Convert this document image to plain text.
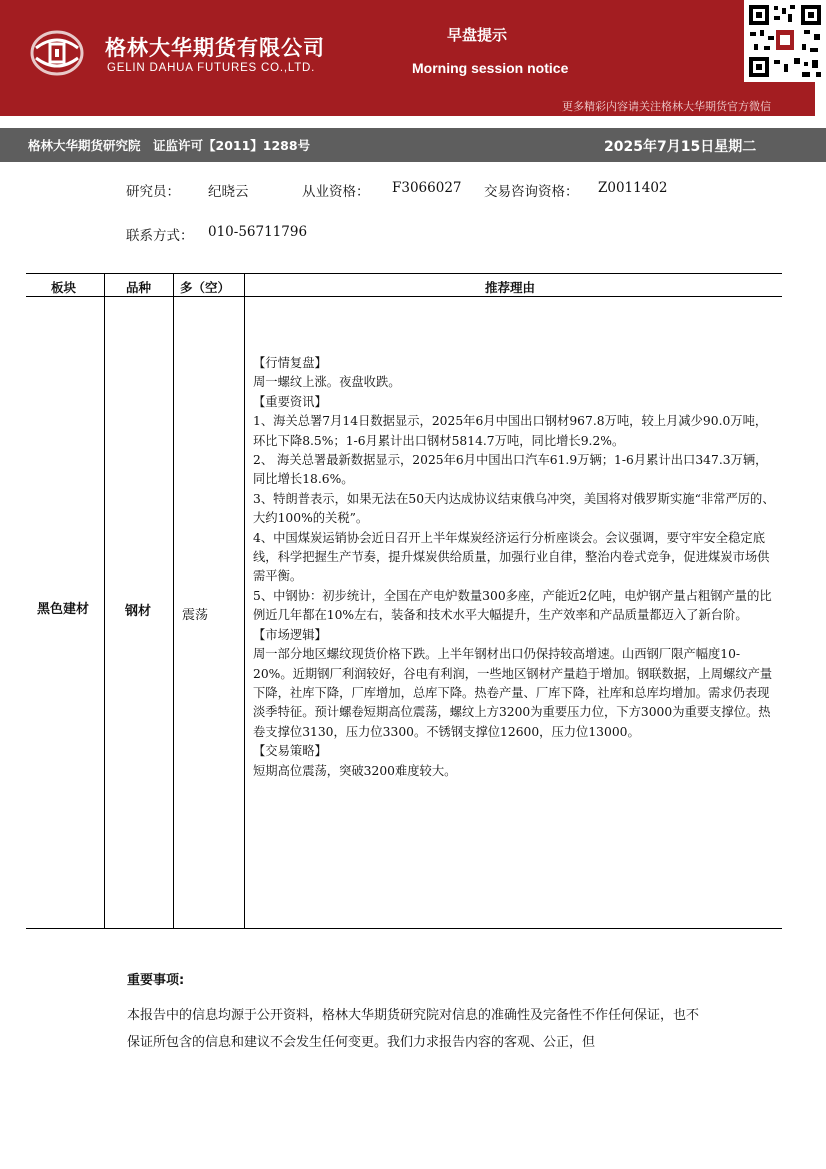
格林大华期货有限公司
GELIN DAHUA FUTURES CO.,LTD.
早盘提示
Morning session notice
更多精彩内容请关注格林大华期货官方微信
格林大华期货研究院　证监许可【2011】1288号	2025年7月15日星期二
研究员： 纪晓云	从业资格： F3066027 交易咨询资格： Z0011402
联系方式： 010-56711796
板块	品种 多（空）	推荐理由
黑色建材	钢材 震荡

【行情复盘】

周一螺纹上涨。夜盘收跌。

【重要资讯】

1、海关总署7月14日数据显示，2025年6月中国出口钢材967.8万吨，较上月减少90.0万吨，环比下降8.5%；1-6月累计出口钢材5814.7万吨，同比增长9.2%。

2、 海关总署最新数据显示，2025年6月中国出口汽车61.9万辆；1-6月累计出口347.3万辆，同比增长18.6%。

3、特朗普表示，如果无法在50天内达成协议结束俄乌冲突，美国将对俄罗斯实施“非常严厉的、大约100%的关税”。

4、中国煤炭运销协会近日召开上半年煤炭经济运行分析座谈会。会议强调，要守牢安全稳定底线，科学把握生产节奏，提升煤炭供给质量，加强行业自律，整治内卷式竞争，促进煤炭市场供需平衡。

5、中钢协：初步统计，全国在产电炉数量300多座，产能近2亿吨，电炉钢产量占粗钢产量的比例近几年都在10%左右，装备和技术水平大幅提升，生产效率和产品质量都迈入了新台阶。

【市场逻辑】

周一部分地区螺纹现货价格下跌。上半年钢材出口仍保持较高增速。山西钢厂限产幅度10-20%。近期钢厂利润较好，谷电有利润，一些地区钢材产量趋于增加。钢联数据，上周螺纹产量下降，社库下降，厂库增加，总库下降。热卷产量、厂库下降，社库和总库均增加。需求仍表现淡季特征。预计螺卷短期高位震荡，螺纹上方3200为重要压力位，下方3000为重要支撑位。热卷支撑位3130，压力位3300。不锈钢支撑位12600，压力位13000。

【交易策略】

短期高位震荡，突破3200难度较大。

重要事项:
本报告中的信息均源于公开资料，格林大华期货研究院对信息的准确性及完备性不作任何保证，也不保证所包含的信息和建议不会发生任何变更。我们力求报告内容的客观、公正，但
